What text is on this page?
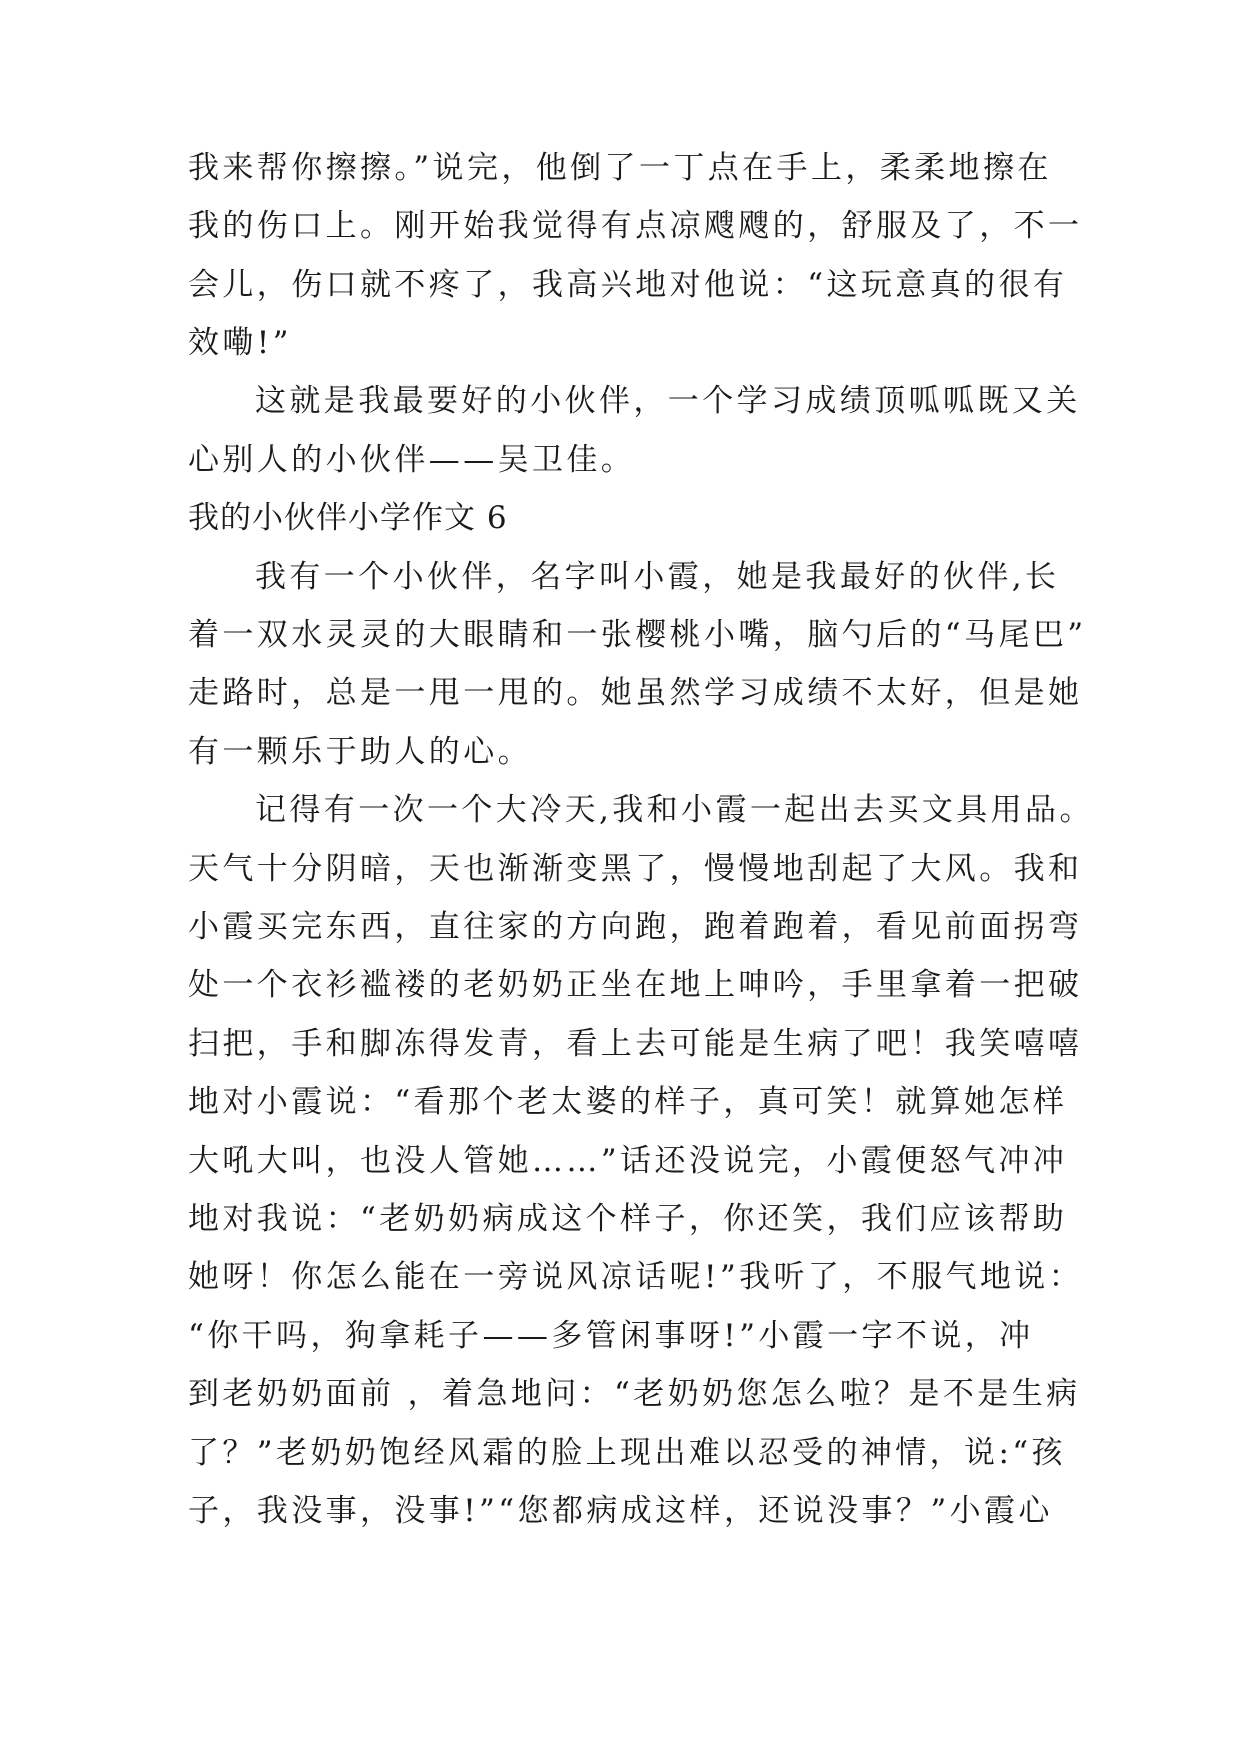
我来帮你擦擦。”说完，他倒了一丁点在手上，柔柔地擦在
我的伤口上。刚开始我觉得有点凉飕飕的，舒服及了，不一
会儿，伤口就不疼了，我高兴地对他说：“这玩意真的很有
效嘞!”
这就是我最要好的小伙伴，一个学习成绩顶呱呱既又关
心别人的小伙伴——吴卫佳。
我的小伙伴小学作文 6
我有一个小伙伴，名字叫小霞，她是我最好的伙伴,长
着一双水灵灵的大眼睛和一张樱桃小嘴，脑勺后的“马尾巴”
走路时，总是一甩一甩的。她虽然学习成绩不太好，但是她
有一颗乐于助人的心。
记得有一次一个大冷天,我和小霞一起出去买文具用品。
天气十分阴暗，天也渐渐变黑了，慢慢地刮起了大风。我和
小霞买完东西，直往家的方向跑，跑着跑着，看见前面拐弯
处一个衣衫褴褛的老奶奶正坐在地上呻吟，手里拿着一把破
扫把，手和脚冻得发青，看上去可能是生病了吧！我笑嘻嘻
地对小霞说：“看那个老太婆的样子，真可笑！就算她怎样
大吼大叫，也没人管她……”话还没说完，小霞便怒气冲冲
地对我说：“老奶奶病成这个样子，你还笑，我们应该帮助
她呀！你怎么能在一旁说风凉话呢!”我听了，不服气地说：
“你干吗，狗拿耗子——多管闲事呀!”小霞一字不说，冲
到老奶奶面前 ，着急地问：“老奶奶您怎么啦？是不是生病
了？”老奶奶饱经风霜的脸上现出难以忍受的神情，说:“孩
子，我没事，没事!”“您都病成这样，还说没事？”小霞心
